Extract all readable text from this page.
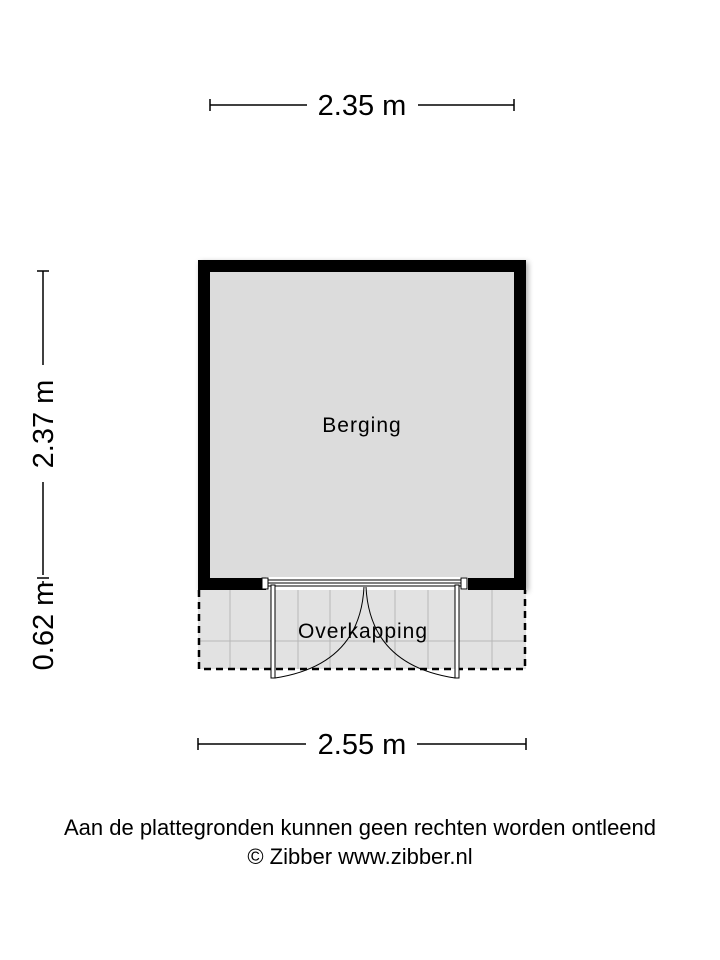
2.35 m
2.37 m
0.62 m
Berging
Overkapping
2.55 m
Aan de plattegronden kunnen geen rechten worden ontleend
© Zibber www.zibber.nl
